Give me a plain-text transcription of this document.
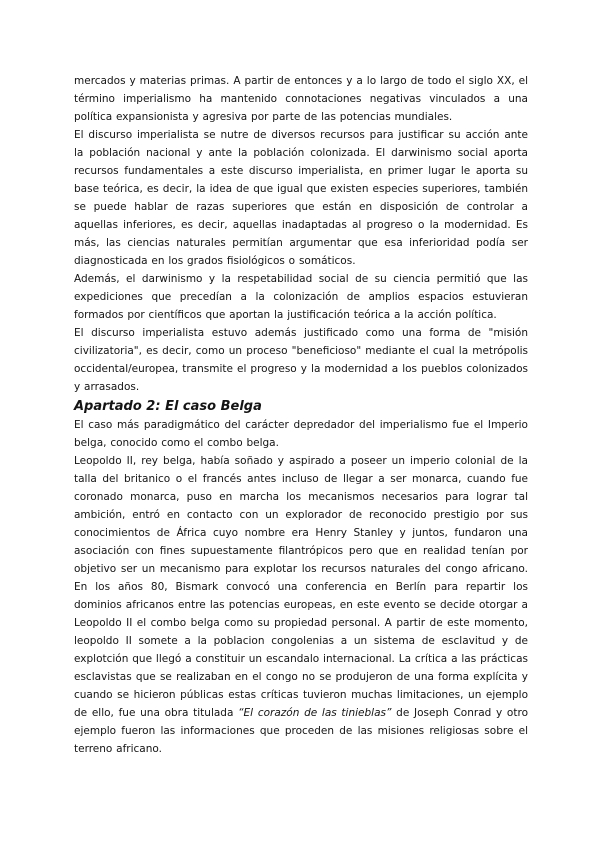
mercados y materias primas. A partir de entonces y a lo largo de todo el siglo XX, el término imperialismo ha mantenido connotaciones negativas vinculados a una política expansionista y agresiva por parte de las potencias mundiales.

El discurso imperialista se nutre de diversos recursos para justificar su acción ante la población nacional y ante la población colonizada. El darwinismo social aporta recursos fundamentales a este discurso imperialista, en primer lugar le aporta su base teórica, es decir, la idea de que igual que existen especies superiores, también se puede hablar de razas superiores que están en disposición de controlar a aquellas inferiores, es decir, aquellas inadaptadas al progreso o la modernidad. Es más, las ciencias naturales permitían argumentar que esa inferioridad podía ser diagnosticada en los grados fisiológicos o somáticos.

Además, el darwinismo y la respetabilidad social de su ciencia permitió que las expediciones que precedían a la colonización de amplios espacios estuvieran formados por científicos que aportan la justificación teórica a la acción política.

El discurso imperialista estuvo además justificado como una forma de "misión civilizatoria", es decir, como un proceso "beneficioso" mediante el cual la metrópolis occidental/europea, transmite el progreso y la modernidad a los pueblos colonizados y arrasados.

Apartado 2: El caso Belga

El caso más paradigmático del carácter depredador del imperialismo fue el Imperio belga, conocido como el combo belga.

Leopoldo II, rey belga, había soñado y aspirado a poseer un imperio colonial de la talla del britanico o el francés antes incluso de llegar a ser monarca, cuando fue coronado monarca, puso en marcha los mecanismos necesarios para lograr tal ambición, entró en contacto con un explorador de reconocido prestigio por sus conocimientos de África cuyo nombre era Henry Stanley y juntos, fundaron una asociación con fines supuestamente filantrópicos pero que en realidad tenían por objetivo ser un mecanismo para explotar los recursos naturales del congo africano. En los años 80, Bismark convocó una conferencia en Berlín para repartir los dominios africanos entre las potencias europeas, en este evento se decide otorgar a Leopoldo II el combo belga como su propiedad personal. A partir de este momento, leopoldo II somete a la poblacion congolenias a un sistema de esclavitud y de explotción que llegó a constituir un escandalo internacional. La crítica a las prácticas esclavistas que se realizaban en el congo no se produjeron de una forma explícita y cuando se hicieron públicas estas críticas tuvieron muchas limitaciones, un ejemplo de ello, fue una obra titulada “El corazón de las tinieblas” de Joseph Conrad y otro ejemplo fueron las informaciones que proceden de las misiones religiosas sobre el terreno africano.
